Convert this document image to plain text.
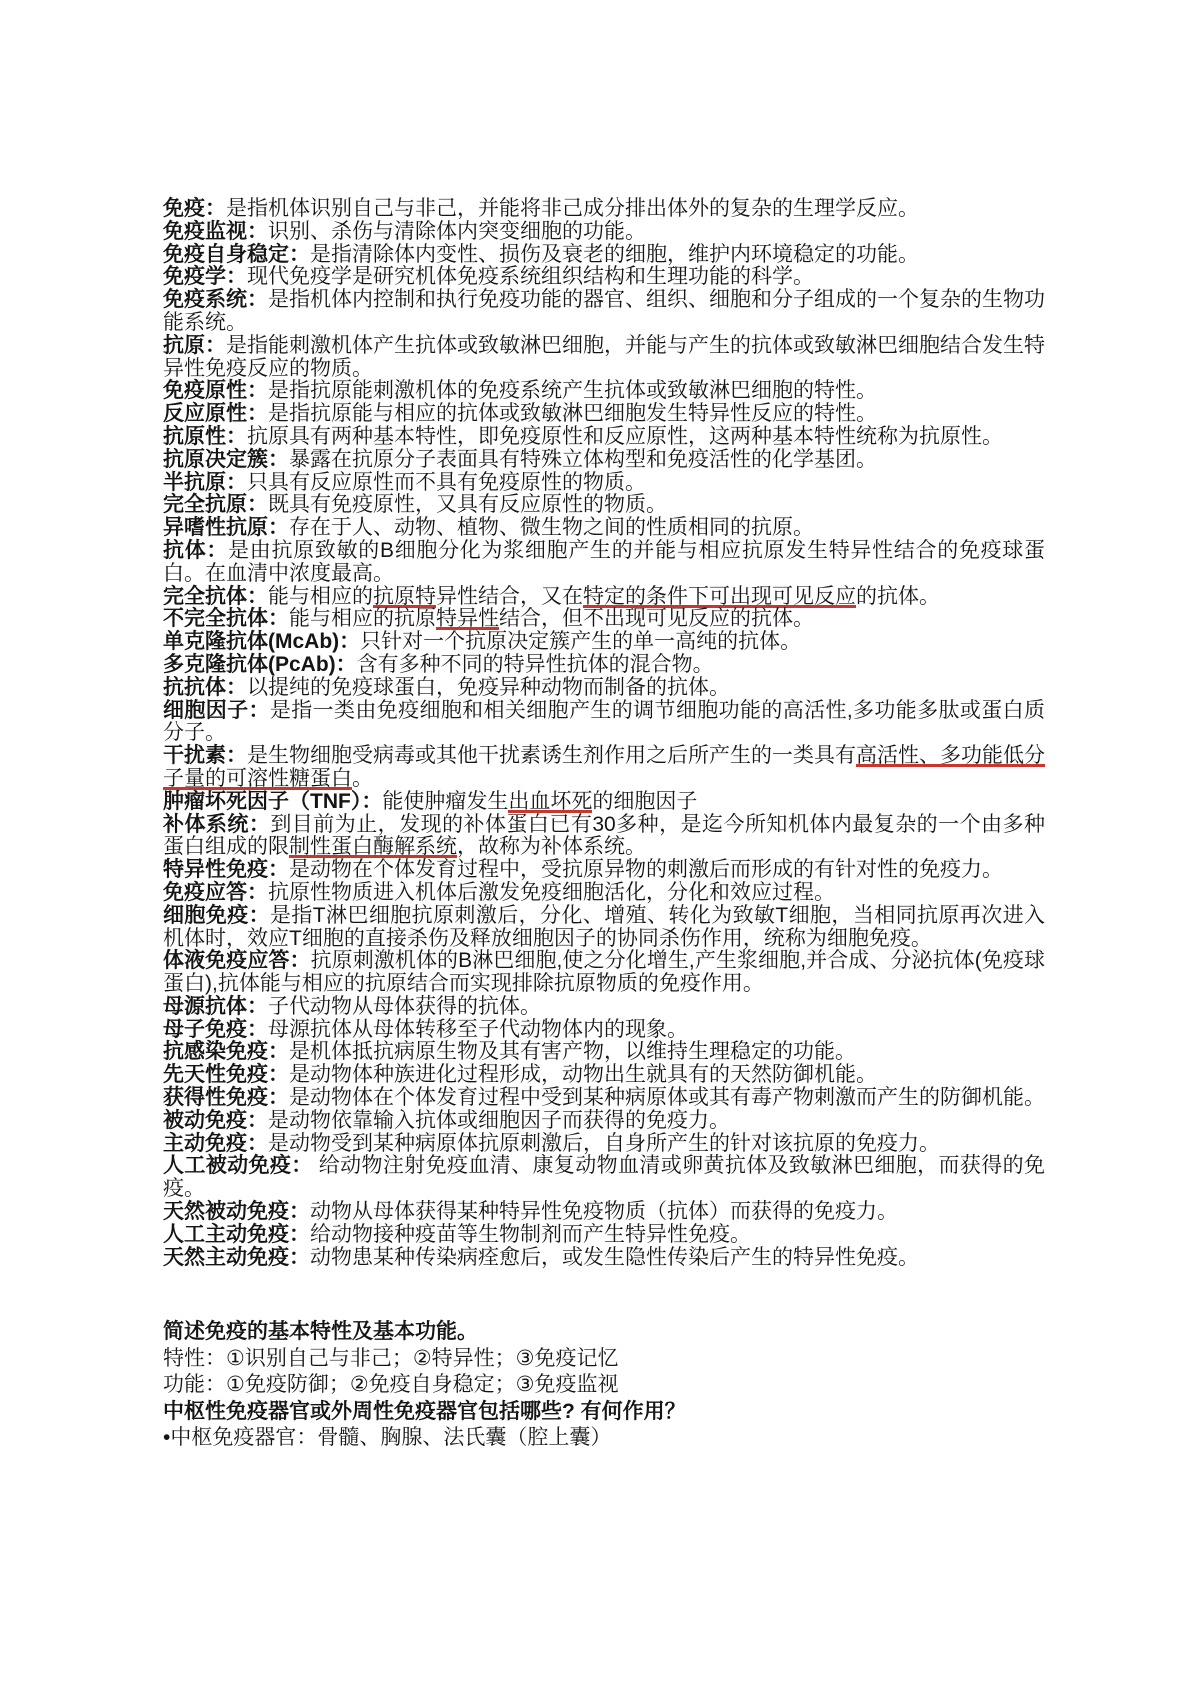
免疫：是指机体识别自己与非己，并能将非己成分排出体外的复杂的生理学反应。

免疫监视：识别、杀伤与清除体内突变细胞的功能。

免疫自身稳定：是指清除体内变性、损伤及衰老的细胞，维护内环境稳定的功能。

免疫学：现代免疫学是研究机体免疫系统组织结构和生理功能的科学。

免疫系统：是指机体内控制和执行免疫功能的器官、组织、细胞和分子组成的一个复杂的生物功能系统。

抗原：是指能刺激机体产生抗体或致敏淋巴细胞，并能与产生的抗体或致敏淋巴细胞结合发生特异性免疫反应的物质。

免疫原性：是指抗原能刺激机体的免疫系统产生抗体或致敏淋巴细胞的特性。

反应原性：是指抗原能与相应的抗体或致敏淋巴细胞发生特异性反应的特性。

抗原性：抗原具有两种基本特性，即免疫原性和反应原性，这两种基本特性统称为抗原性。

抗原决定簇：暴露在抗原分子表面具有特殊立体构型和免疫活性的化学基团。

半抗原：只具有反应原性而不具有免疫原性的物质。

完全抗原：既具有免疫原性，又具有反应原性的物质。

异嗜性抗原：存在于人、动物、植物、微生物之间的性质相同的抗原。

抗体：是由抗原致敏的B细胞分化为浆细胞产生的并能与相应抗原发生特异性结合的免疫球蛋白。在血清中浓度最高。

完全抗体：能与相应的抗原特异性结合，又在特定的条件下可出现可见反应的抗体。

不完全抗体：能与相应的抗原特异性结合，但不出现可见反应的抗体。

单克隆抗体(McAb)：只针对一个抗原决定簇产生的单一高纯的抗体。

多克隆抗体(PcAb)：含有多种不同的特异性抗体的混合物。

抗抗体：以提纯的免疫球蛋白，免疫异种动物而制备的抗体。

细胞因子：是指一类由免疫细胞和相关细胞产生的调节细胞功能的高活性,多功能多肽或蛋白质分子。

干扰素：是生物细胞受病毒或其他干扰素诱生剂作用之后所产生的一类具有高活性、多功能低分子量的可溶性糖蛋白。

肿瘤坏死因子（TNF）：能使肿瘤发生出血坏死的细胞因子

补体系统：到目前为止，发现的补体蛋白已有30多种，是迄今所知机体内最复杂的一个由多种蛋白组成的限制性蛋白酶解系统，故称为补体系统。

特异性免疫：是动物在个体发育过程中，受抗原异物的刺激后而形成的有针对性的免疫力。

免疫应答：抗原性物质进入机体后激发免疫细胞活化，分化和效应过程。

细胞免疫：是指T淋巴细胞抗原刺激后，分化、增殖、转化为致敏T细胞，当相同抗原再次进入机体时，效应T细胞的直接杀伤及释放细胞因子的协同杀伤作用，统称为细胞免疫。

体液免疫应答：抗原刺激机体的B淋巴细胞,使之分化增生,产生浆细胞,并合成、分泌抗体(免疫球蛋白),抗体能与相应的抗原结合而实现排除抗原物质的免疫作用。

母源抗体：子代动物从母体获得的抗体。

母子免疫：母源抗体从母体转移至子代动物体内的现象。

抗感染免疫：是机体抵抗病原生物及其有害产物，以维持生理稳定的功能。

先天性免疫：是动物体种族进化过程形成，动物出生就具有的天然防御机能。

获得性免疫：是动物体在个体发育过程中受到某种病原体或其有毒产物刺激而产生的防御机能。

被动免疫：是动物依靠输入抗体或细胞因子而获得的免疫力。

主动免疫：是动物受到某种病原体抗原刺激后，自身所产生的针对该抗原的免疫力。

人工被动免疫： 给动物注射免疫血清、康复动物血清或卵黄抗体及致敏淋巴细胞，而获得的免疫。

天然被动免疫：动物从母体获得某种特异性免疫物质（抗体）而获得的免疫力。

人工主动免疫：给动物接种疫苗等生物制剂而产生特异性免疫。

天然主动免疫：动物患某种传染病痊愈后，或发生隐性传染后产生的特异性免疫。

简述免疫的基本特性及基本功能。

特性：①识别自己与非己；②特异性；③免疫记忆

功能：①免疫防御；②免疫自身稳定；③免疫监视

中枢性免疫器官或外周性免疫器官包括哪些? 有何作用？

•中枢免疫器官：骨髓、胸腺、法氏囊（腔上囊）
